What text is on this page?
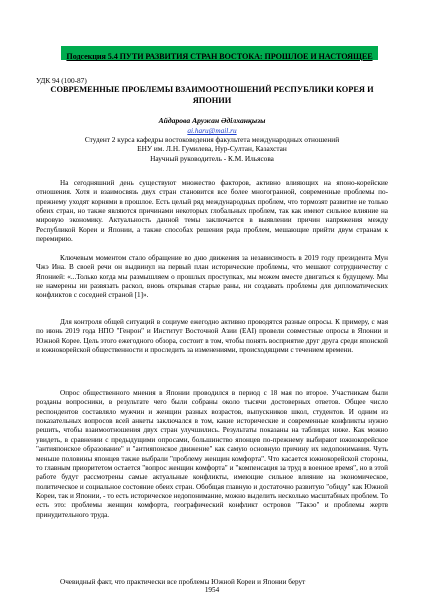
Подсекция 5.4 ПУТИ РАЗВИТИЯ СТРАН ВОСТОКА: ПРОШЛОЕ И НАСТОЯЩЕЕ
УДК 94 (100-87)
СОВРЕМЕННЫЕ ПРОБЛЕМЫ ВЗАИМООТНОШЕНИЙ РЕСПУБЛИКИ КОРЕЯ И ЯПОНИИ
Айдарова Аружан Әділханқызы
ai.haru@mail.ru
Студент 2 курса кафедры востоковедения факультета международных отношений
ЕНУ им. Л.Н. Гумилева, Нур-Султан, Казахстан
Научный руководитель - К.М. Ильясова

На сегодняшний день существуют множество факторов, активно влияющих на японо-корейские отношения. Хотя и взаимосвязь двух стран становится все более многогранной, современные проблемы по-прежнему уходят корнями в прошлое. Есть целый ряд международных проблем, что тормозят развитие не только обеих стран, но также являются причинами некоторых глобальных проблем, так как имеют сильное влияние на мировую экономику. Актуальность данной темы заключается в выявлении причин напряжения между Республикой Кореи и Японии, а также способах решения ряда проблем, мешающие прийти двум странам к перемирию.

Ключевым моментом стало обращение во дню движения за независимость в 2019 году президента Мун Чжэ Ина. В своей речи он выдвинул на первый план исторические проблемы, что мешают сотрудничеству с Японией: «...Только когда мы размышляем о прошлых проступках, мы можем вместе двигаться к будущему. Мы не намерены ни развязать раскол, вновь открывая старые раны, ни создавать проблемы для дипломатических конфликтов с соседней страной [1]».

Для контроля общей ситуаций в социуме ежегодно активно проводятся разные опросы. К примеру, с мая по июнь 2019 года НПО "Генрон" и Институт Восточной Азии (EAI) провели совместные опросы в Японии и Южной Корее. Цель этого ежегодного обзора, состоит в том, чтобы понять восприятие друг друга среди японской и южнокорейской общественности и проследить за изменениями, происходящими с течением времени.

Опрос общественного мнения в Японии проводился в период с 18 мая по второе. Участникам были розданы вопросники, в результате чего были собраны около тысячи достоверных ответов. Общее число респондентов составляло мужчин и женщин разных возрастов, выпускников школ, студентов. И одним из показательных вопросов всей анкеты заключался в том, какие исторические и современные конфликты нужно решить, чтобы взаимоотношения двух стран улучшились. Результаты показаны на таблицах ниже. Как можно увидеть, в сравнении с предыдущими опросами, большинство японцев по-прежнему выбирают южнокорейское "антияпонское образование" и "антияпонское движение" как самую основную причину их недопонимания. Чуть меньше половины японцев также выбрали "проблему женщин комфорта". Что касается южнокорейской стороны, то главным приоритетом остается "вопрос женщин комфорта" и "компенсация за труд в военное время", но в этой работе будут рассмотрены самые актуальные конфликты, имеющие сильное влияние на экономическое, политическое и социальное состояние обеих стран. Обобщая главную и достаточно развитую "обиду" как Южной Кореи, так и Японии, - то есть историческое недопонимание, можно выделить несколько масштабных проблем. То есть это: проблемы женщин комфорта, географический конфликт островов "Такэо" и проблемы жертв принудительного труда.

Очевидный факт, что практически все проблемы Южной Кореи и Японии берут

1954
